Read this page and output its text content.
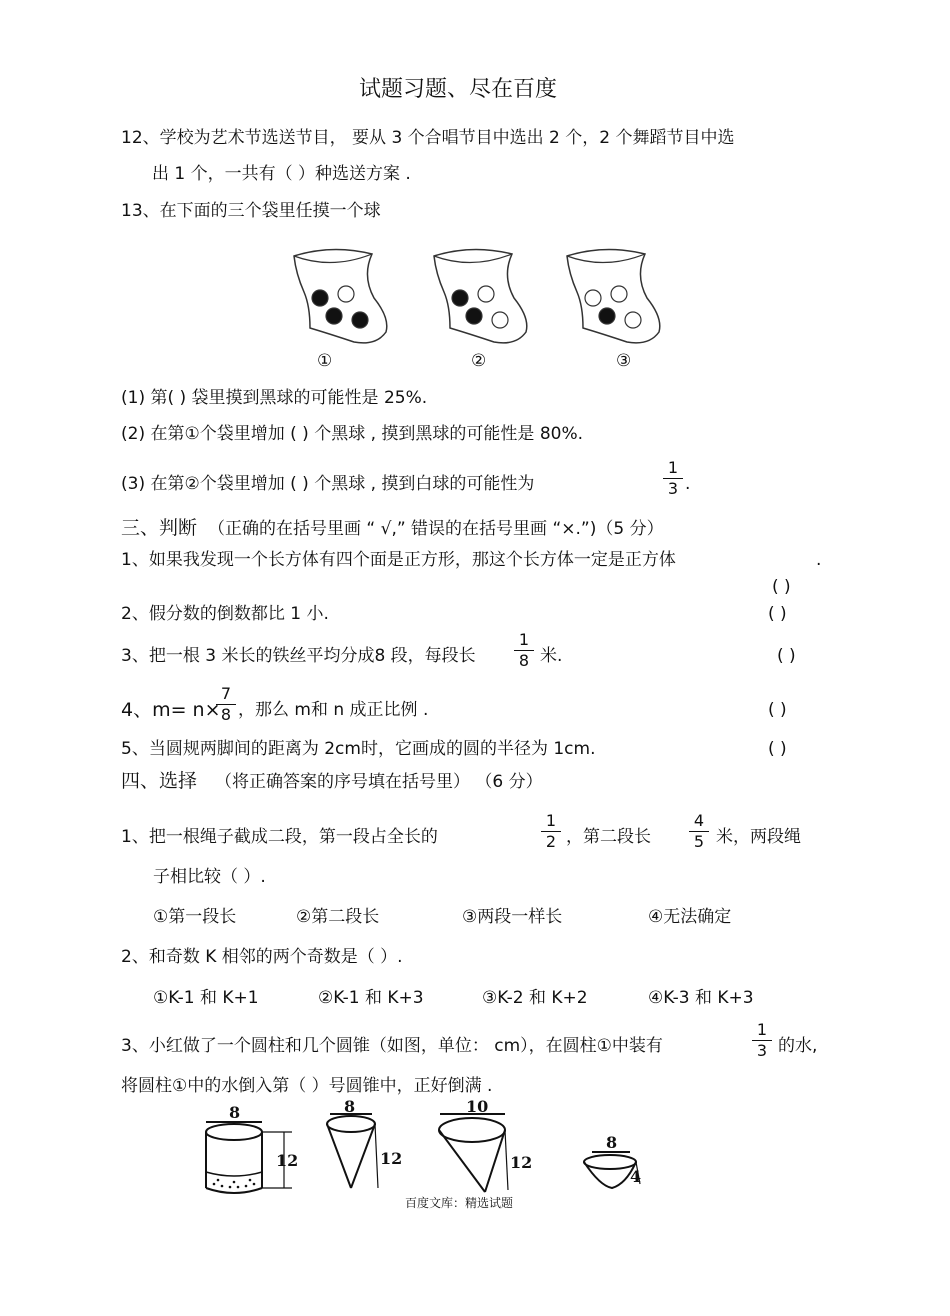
试题习题、尽在百度
12、学校为艺术节选送节目， 要从 3 个合唱节目中选出 2 个，2 个舞蹈节目中选
出 1 个，一共有（ ）种选送方案 .
13、在下面的三个袋里任摸一个球
①	②	③
(1) 第( ) 袋里摸到黑球的可能性是 25%.
(2) 在第①个袋里增加 ( ) 个黑球 , 摸到黑球的可能性是 80%.
(3) 在第②个袋里增加 ( ) 个黑球 , 摸到白球的可能性为
1
3 .
三、判断 （正确的在括号里画 “ √,” 错误的在括号里画 “×.”)（5 分）
1、如果我发现一个长方体有四个面是正方形，那这个长方体一定是正方体	.
( )
2、假分数的倒数都比 1 小.	( )
3、把一根 3 米长的铁丝平均分成8 段，每段长
1
8 米.	( )
4、m= n×
7
8 ，那么 m和 n 成正比例 .	( )
5、当圆规两脚间的距离为 2cm时，它画成的圆的半径为 1cm.	( )
四、选择 （将正确答案的序号填在括号里） （6 分）
1、把一根绳子截成二段，第一段占全长的
1
2 ，第二段长
4
5 米，两段绳
子相比较（ ）.
①第一段长	②第二段长	③两段一样长	④无法确定
2、和奇数 K 相邻的两个奇数是（ ）.
①K-1 和 K+1	②K-1 和 K+3	③K-2 和 K+2	④K-3 和 K+3
3、小红做了一个圆柱和几个圆锥（如图，单位： cm），在圆柱①中装有
1
3 的水,
将圆柱①中的水倒入第（ ）号圆锥中，正好倒满 .
8
12
8
12
10
12
8
4
百度文库：精选试题
